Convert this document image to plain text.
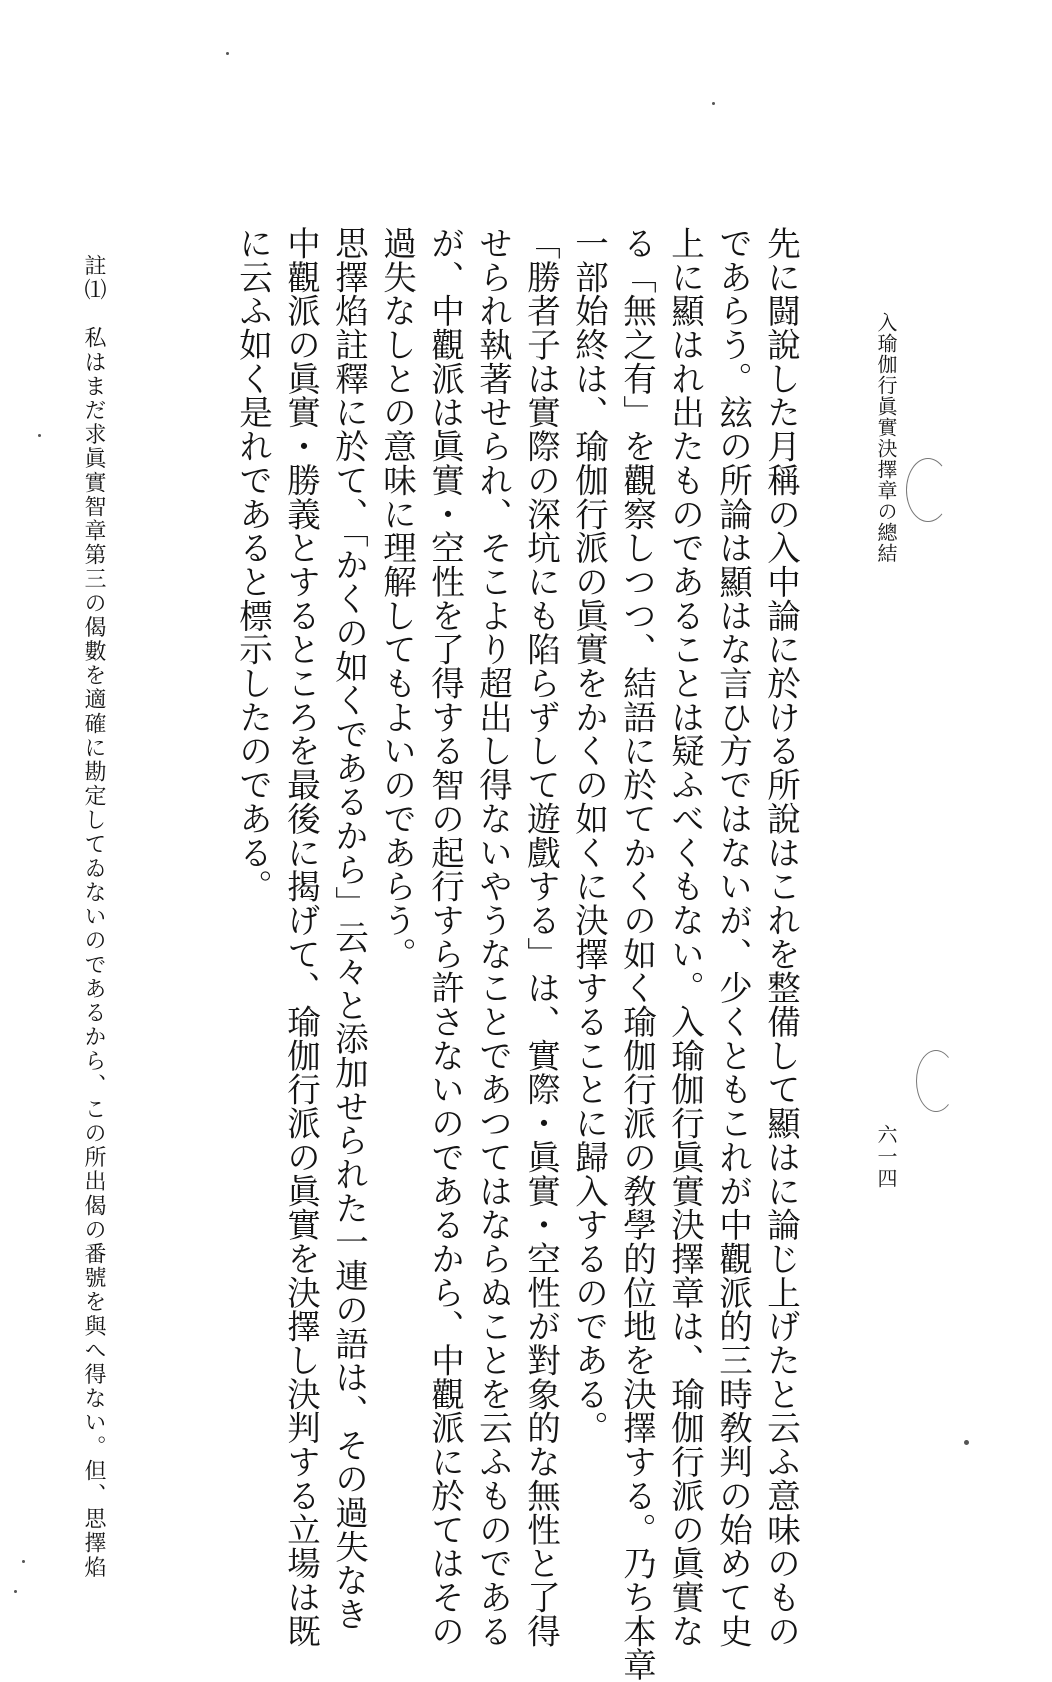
入瑜伽行眞實決擇章の總結
六一四
先に闘說した月稱の入中論に於ける所說はこれを整備して顯はに論じ上げたと云ふ意味のもの
であらう。玆の所論は顯はな言ひ方ではないが、少くともこれが中觀派的三時敎判の始めて史
上に顯はれ出たものであることは疑ふべくもない。入瑜伽行眞實決擇章は、瑜伽行派の眞實な
る「無之有」を觀察しつつ、結語に於てかくの如く瑜伽行派の敎學的位地を決擇する。乃ち本章
一部始終は、瑜伽行派の眞實をかくの如くに決擇することに歸入するのである。
「勝者子は實際の深坑にも陷らずして遊戲する」は、實際・眞實・空性が對象的な無性と了得
せられ執著せられ、そこより超出し得ないやうなことであつてはならぬことを云ふものである
が、中觀派は眞實・空性を了得する智の起行すら許さないのであるから、中觀派に於てはその
過失なしとの意味に理解してもよいのであらう。
思擇焰註釋に於て、「かくの如くであるから」云々と添加せられた一連の語は、その過失なき
中觀派の眞實・勝義とするところを最後に揭げて、瑜伽行派の眞實を決擇し決判する立場は既
に云ふ如く是れであると標示したのである。
註⑴　私はまだ求眞實智章第三の偈數を適確に勘定してゐないのであるから、この所出偈の番號を與へ得ない。但、思擇焰
